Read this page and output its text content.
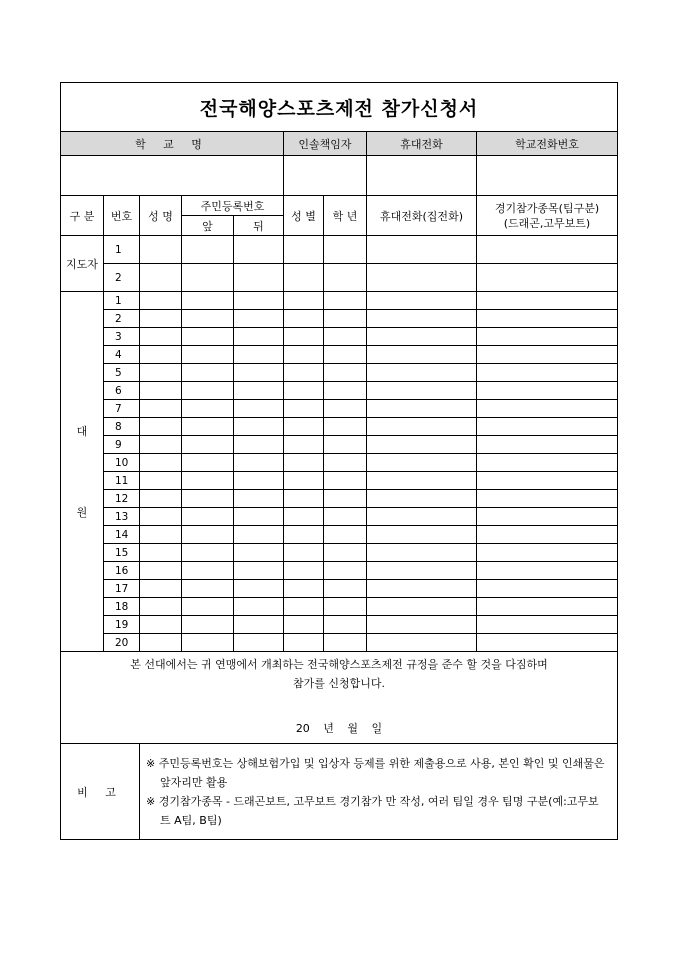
전국해양스포츠제전 참가신청서								
학 교 명					인솔책임자		휴대전화	학교전화번호

구 분	번호	성 명	주민등록번호		성 별	학 년	휴대전화(집전화)	경기참가종목(팀구분)
(드래곤,고무보트)
			앞	뒤				
지도자	1							
	2							
대

원	1							
	2							
	3							
	4							
	5							
	6							
	7							
	8							
	9							
	10							
	11							
	12							
	13							
	14							
	15							
	16							
	17							
	18							
	19							
	20							
본 선대에서는 귀 연맹에서 개최하는 전국해양스포츠제전 규정을 준수 할 것을 다짐하며
참가를 신청합니다.
20 년 월 일								

비 고		※ 주민등록번호는 상해보험가입 및 입상자 등제를 위한 제출용으로 사용, 본인 확인 및 인쇄물은 앞자리만 활용
※ 경기참가종목 - 드래곤보트, 고무보트 경기참가 만 작성, 여러 팀일 경우 팀명 구분(예:고무보트 A팀, B팀)						
